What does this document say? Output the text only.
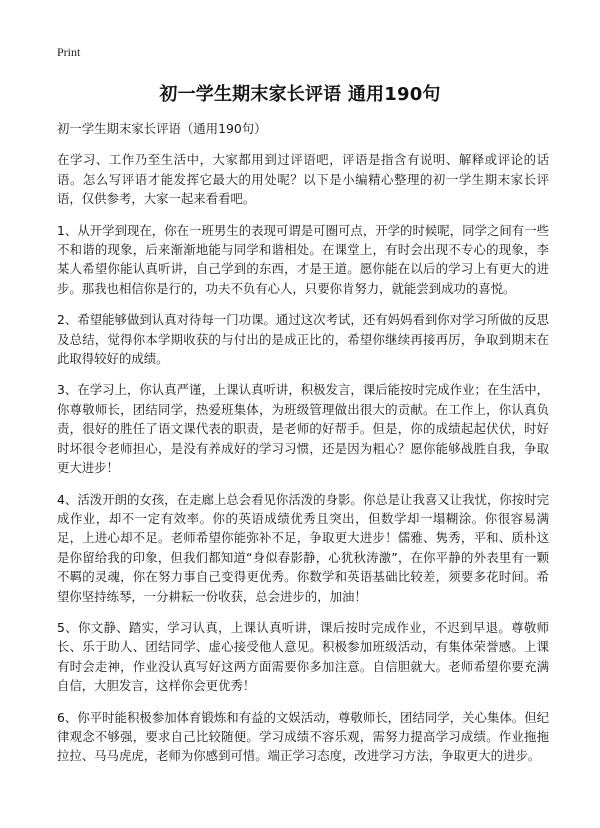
Print
初一学生期末家长评语 通用190句
初一学生期末家长评语（通用190句）

在学习、工作乃至生活中，大家都用到过评语吧，评语是指含有说明、解释或评论的话语。怎么写评语才能发挥它最大的用处呢？以下是小编精心整理的初一学生期末家长评语，仅供参考，大家一起来看看吧。

1、从开学到现在，你在一班男生的表现可谓是可圈可点，开学的时候呢，同学之间有一些不和谐的现象，后来渐渐地能与同学和谐相处。在课堂上，有时会出现不专心的现象，李某人希望你能认真听讲，自己学到的东西，才是王道。愿你能在以后的学习上有更大的进步。那我也相信你是行的，功夫不负有心人，只要你肯努力，就能尝到成功的喜悦。

2、希望能够做到认真对待每一门功课。通过这次考试，还有妈妈看到你对学习所做的反思及总结，觉得你本学期收获的与付出的是成正比的，希望你继续再接再厉，争取到期末在此取得较好的成绩。

3、在学习上，你认真严谨，上课认真听讲，积极发言，课后能按时完成作业；在生活中，你尊敬师长，团结同学，热爱班集体，为班级管理做出很大的贡献。在工作上，你认真负责，很好的胜任了语文课代表的职责，是老师的好帮手。但是，你的成绩起起伏伏，时好时坏很令老师担心，是没有养成好的学习习惯，还是因为粗心？愿你能够战胜自我，争取更大进步！

4、活泼开朗的女孩，在走廊上总会看见你活泼的身影。你总是让我喜又让我忧，你按时完成作业，却不一定有效率。你的英语成绩优秀且突出，但数学却一塌糊涂。你很容易满足，上进心却不足。老师希望你能弥补不足，争取更大进步！儒雅、隽秀，平和、质朴这是你留给我的印象，但我们都知道“身似春影静，心犹秋涛激”，在你平静的外表里有一颗不羁的灵魂，你在努力事自己变得更优秀。你数学和英语基础比较差，须要多花时间。希望你坚持练琴，一分耕耘一份收获，总会进步的，加油！

5、你文静、踏实，学习认真，上课认真听讲，课后按时完成作业，不迟到早退。尊敬师长、乐于助人、团结同学、虚心接受他人意见。积极参加班级活动，有集体荣誉感。上课有时会走神，作业没认真写好这两方面需要你多加注意。自信胆就大。老师希望你要充满自信，大胆发言，这样你会更优秀！

6、你平时能积极参加体育锻炼和有益的文娱活动，尊敬师长，团结同学，关心集体。但纪律观念不够强，要求自己比较随便。学习成绩不容乐观，需努力提高学习成绩。作业拖拖拉拉、马马虎虎，老师为你感到可惜。端正学习态度，改进学习方法，争取更大的进步。
